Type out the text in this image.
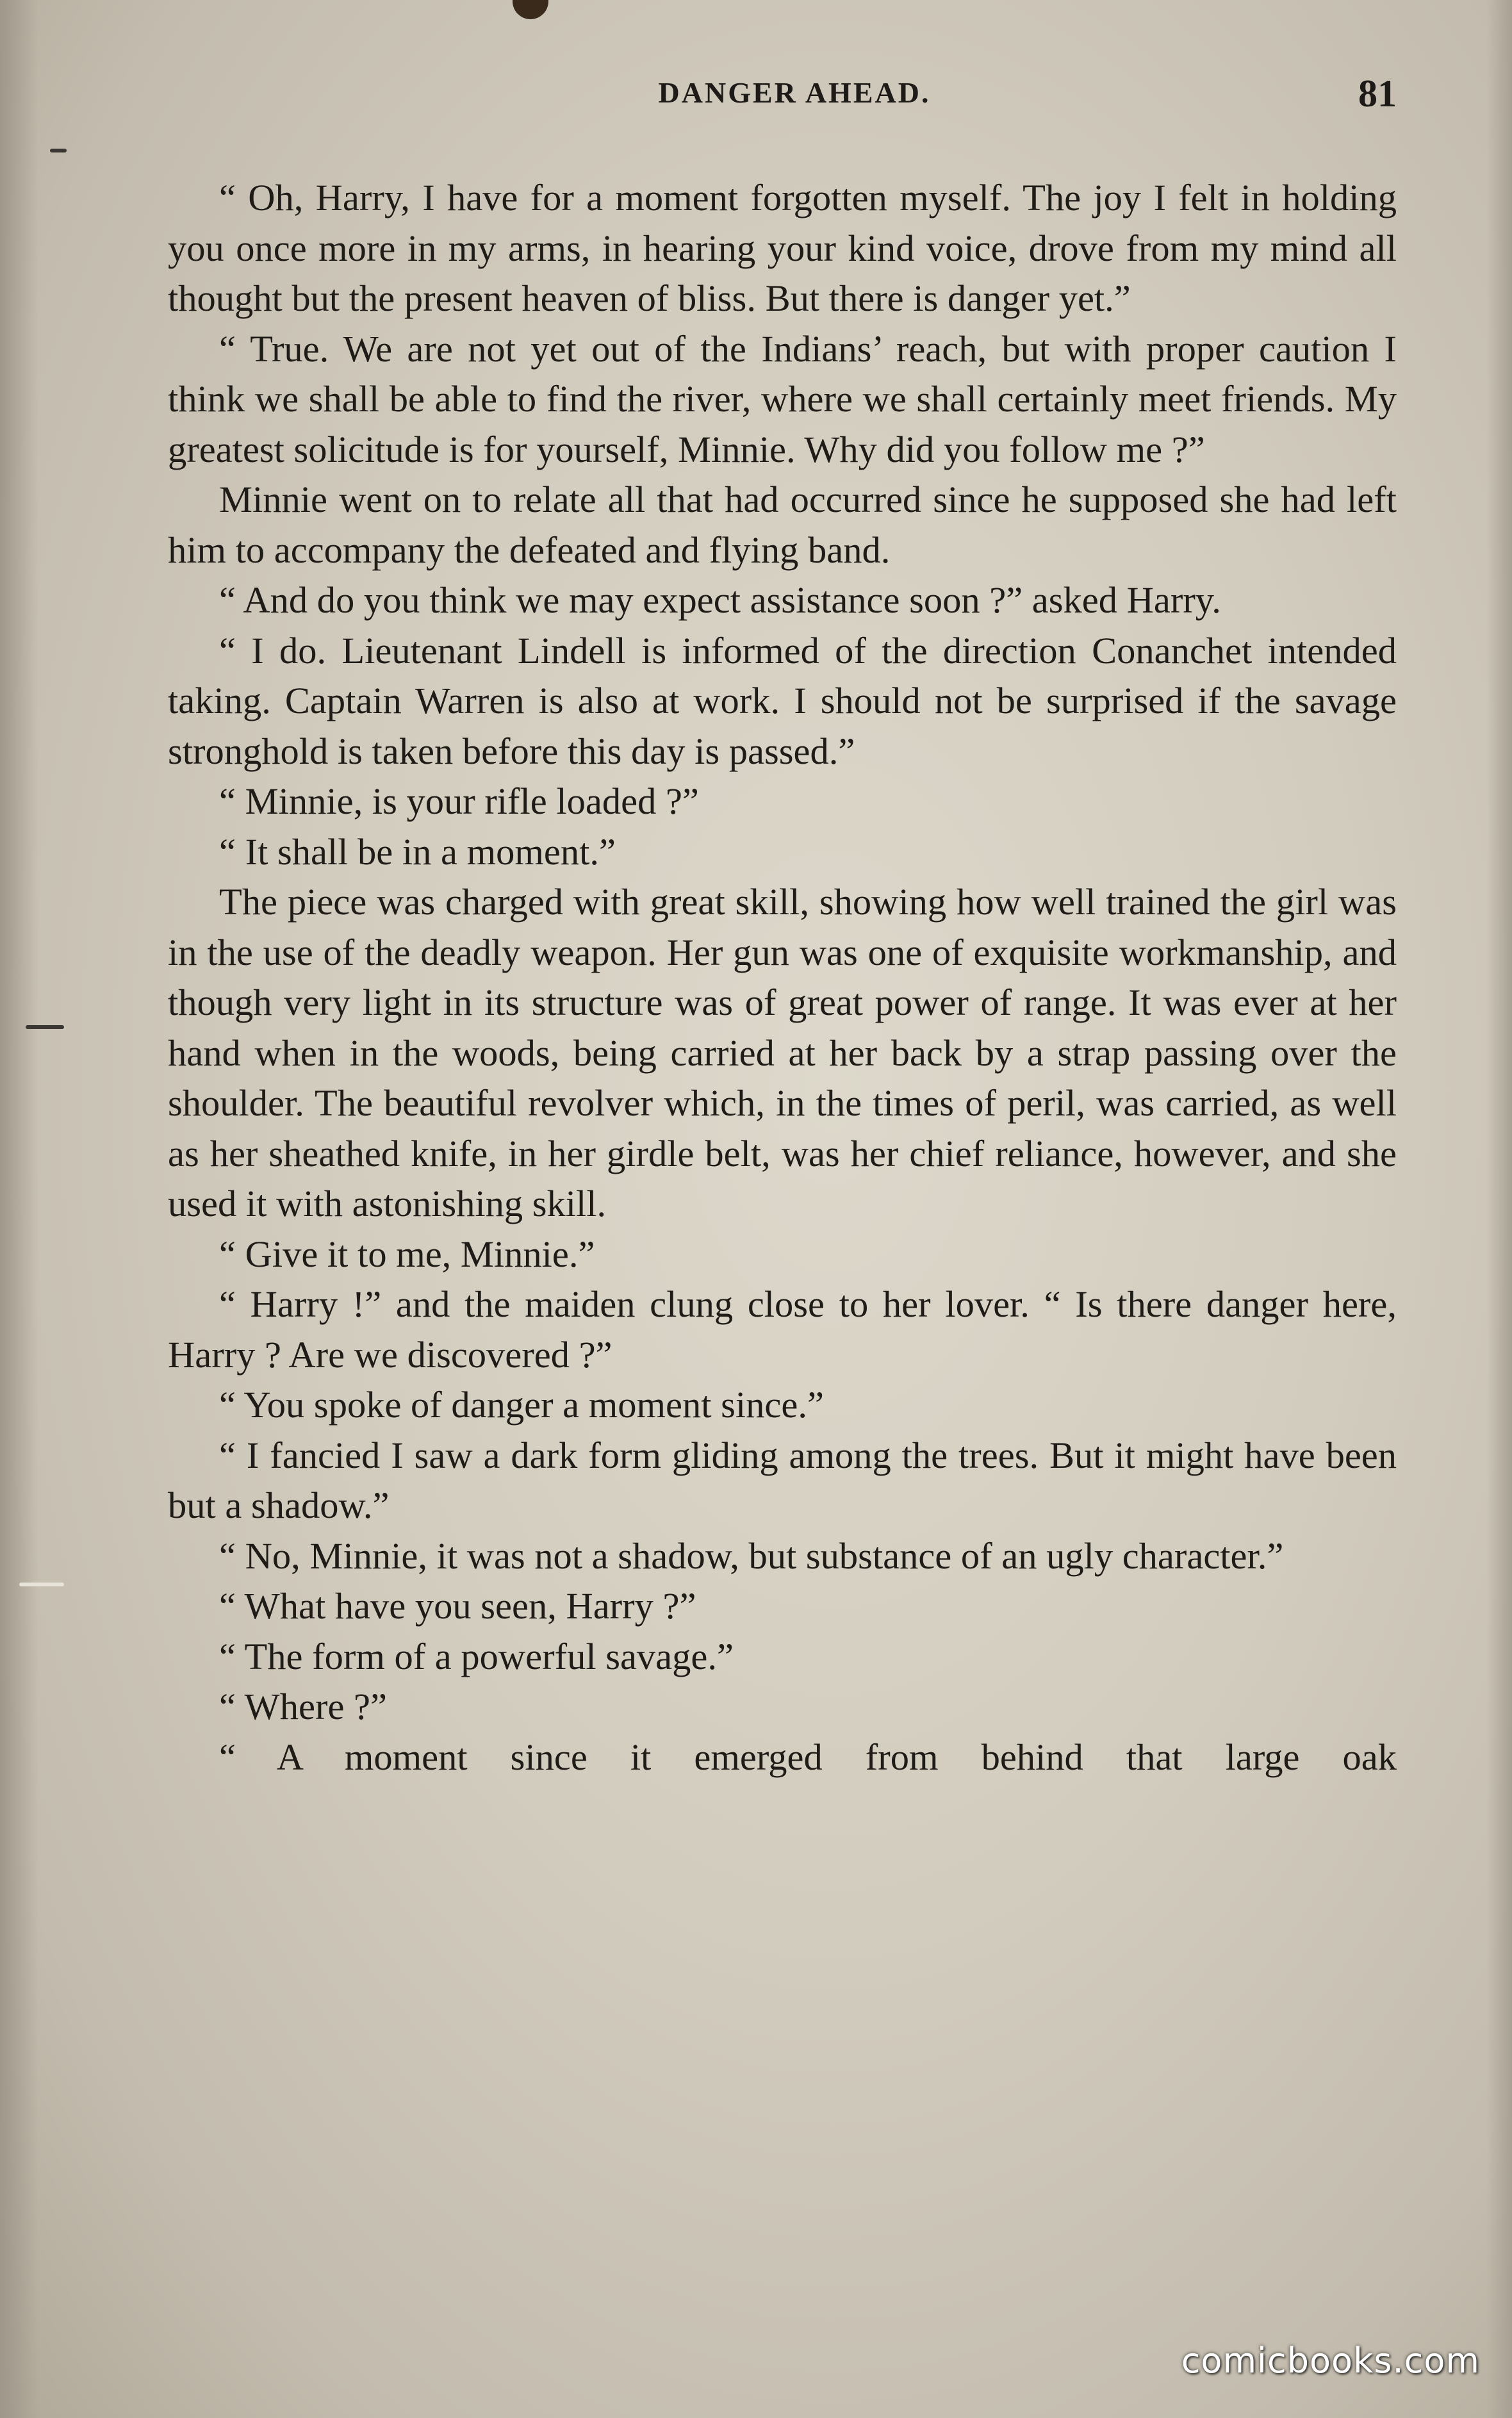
DANGER AHEAD.	81

“ Oh, Harry, I have for a moment forgotten myself. The joy I felt in holding you once more in my arms, in hearing your kind voice, drove from my mind all thought but the present heaven of bliss. But there is danger yet.”

“ True. We are not yet out of the Indians’ reach, but with proper caution I think we shall be able to find the river, where we shall certainly meet friends. My greatest solicitude is for yourself, Minnie. Why did you follow me ?”

Minnie went on to relate all that had occurred since he supposed she had left him to accompany the defeated and flying band.

“ And do you think we may expect assistance soon ?” asked Harry.

“ I do. Lieutenant Lindell is informed of the direction Conanchet intended taking. Captain Warren is also at work. I should not be surprised if the savage stronghold is taken before this day is passed.”

“ Minnie, is your rifle loaded ?”

“ It shall be in a moment.”

The piece was charged with great skill, showing how well trained the girl was in the use of the deadly weapon. Her gun was one of exquisite workmanship, and though very light in its structure was of great power of range. It was ever at her hand when in the woods, being carried at her back by a strap passing over the shoulder. The beautiful revolver which, in the times of peril, was carried, as well as her sheathed knife, in her girdle belt, was her chief reliance, however, and she used it with astonishing skill.

“ Give it to me, Minnie.”

“ Harry !” and the maiden clung close to her lover. “ Is there danger here, Harry ? Are we discovered ?”

“ You spoke of danger a moment since.”

“ I fancied I saw a dark form gliding among the trees. But it might have been but a shadow.”

“ No, Minnie, it was not a shadow, but substance of an ugly character.”

“ What have you seen, Harry ?”

“ The form of a powerful savage.”

“ Where ?”

“ A moment since it emerged from behind that large oak

comicbooks.com
